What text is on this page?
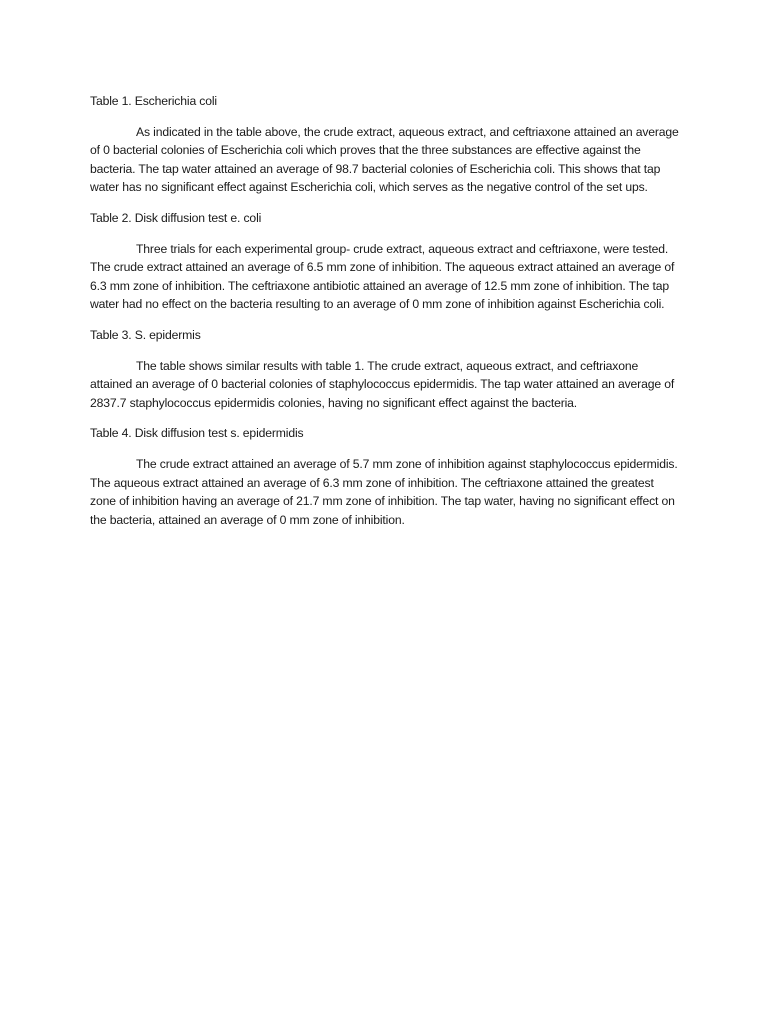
Table 1. Escherichia coli

As indicated in the table above, the crude extract, aqueous extract, and ceftriaxone attained an average of 0 bacterial colonies of Escherichia coli which proves that the three substances are effective against the bacteria. The tap water attained an average of 98.7 bacterial colonies of Escherichia coli. This shows that tap water has no significant effect against Escherichia coli, which serves as the negative control of the set ups.

Table 2. Disk diffusion test e. coli

Three trials for each experimental group- crude extract, aqueous extract and ceftriaxone, were tested. The crude extract attained an average of 6.5 mm zone of inhibition. The aqueous extract attained an average of 6.3 mm zone of inhibition. The ceftriaxone antibiotic attained an average of 12.5 mm zone of inhibition. The tap water had no effect on the bacteria resulting to an average of 0 mm zone of inhibition against Escherichia coli.

Table 3. S. epidermis

The table shows similar results with table 1. The crude extract, aqueous extract, and ceftriaxone attained an average of 0 bacterial colonies of staphylococcus epidermidis. The tap water attained an average of 2837.7 staphylococcus epidermidis colonies, having no significant effect against the bacteria.

Table 4. Disk diffusion test s. epidermidis

The crude extract attained an average of 5.7 mm zone of inhibition against staphylococcus epidermidis. The aqueous extract attained an average of 6.3 mm zone of inhibition. The ceftriaxone attained the greatest zone of inhibition having an average of 21.7 mm zone of inhibition. The tap water, having no significant effect on the bacteria, attained an average of 0 mm zone of inhibition.
